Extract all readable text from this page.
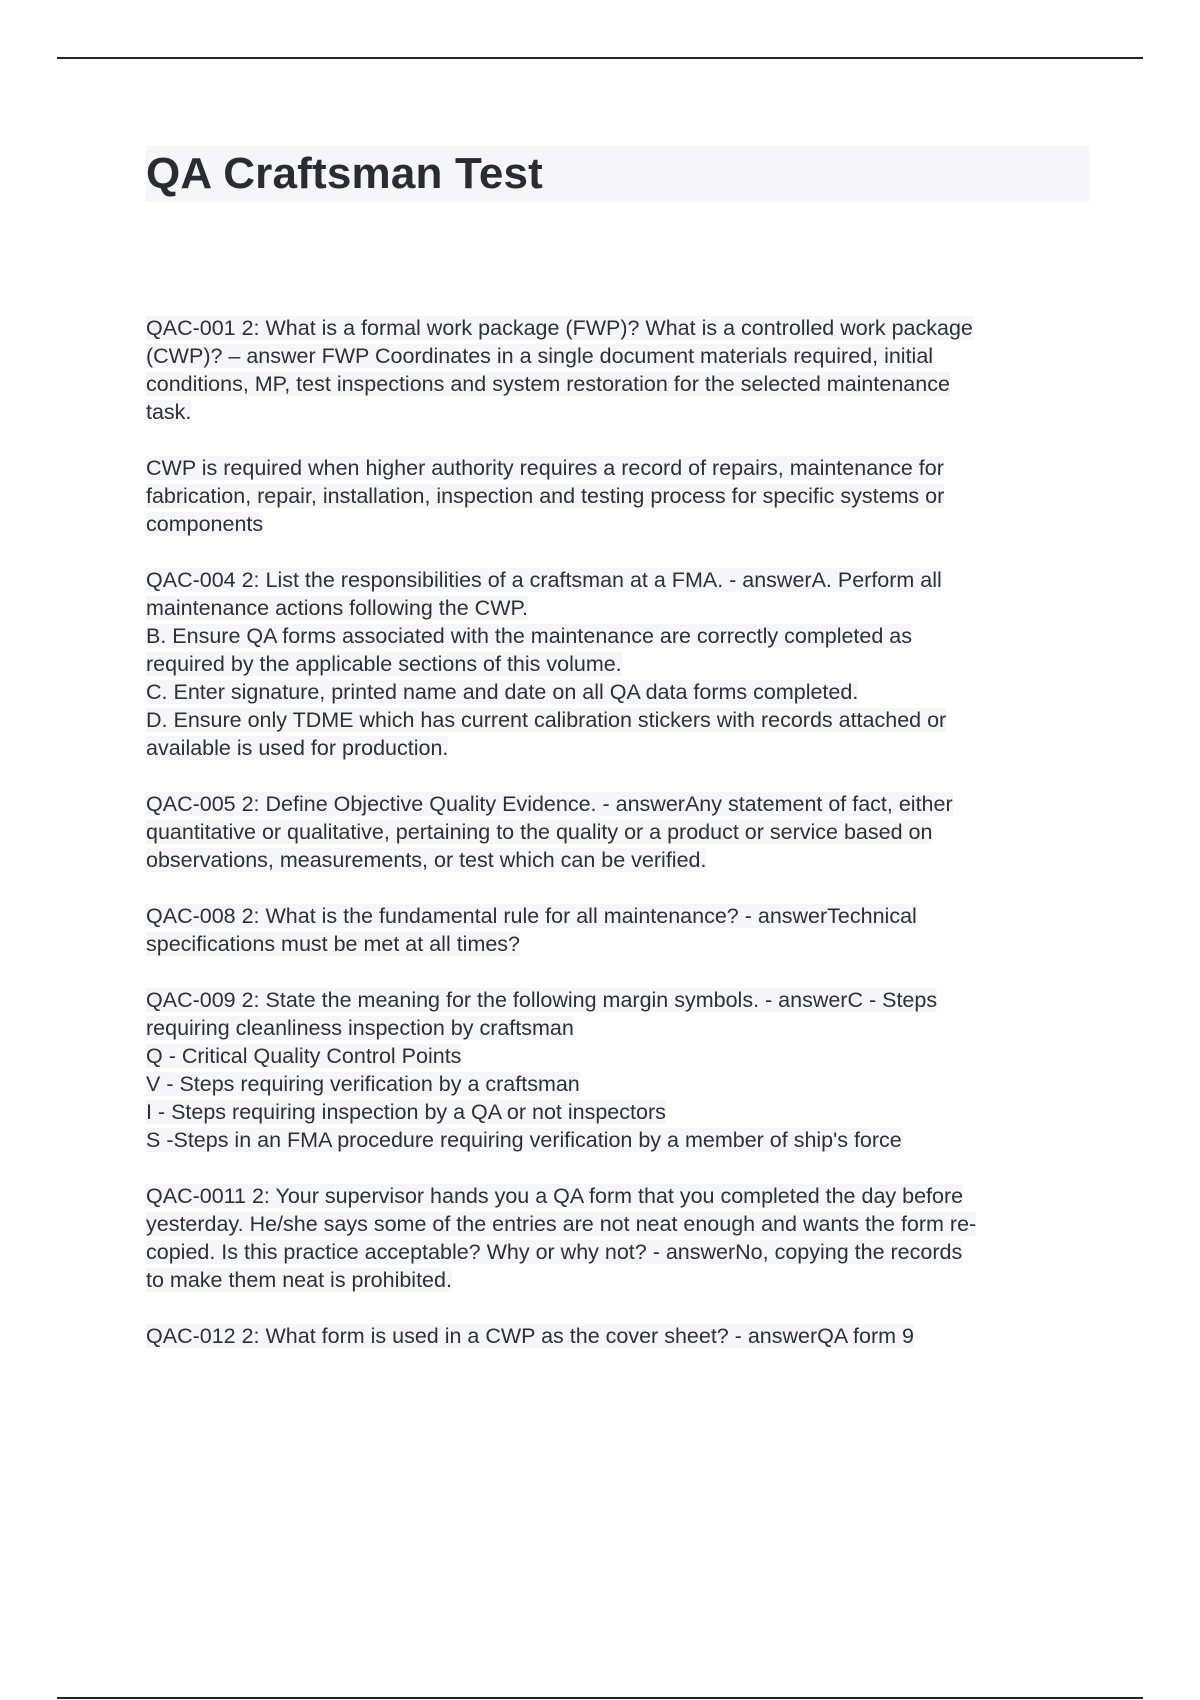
QA Craftsman Test
QAC-001 2: What is a formal work package (FWP)? What is a controlled work package
(CWP)? – answer FWP Coordinates in a single document materials required, initial
conditions, MP, test inspections and system restoration for the selected maintenance
task.
CWP is required when higher authority requires a record of repairs, maintenance for
fabrication, repair, installation, inspection and testing process for specific systems or
components
QAC-004 2: List the responsibilities of a craftsman at a FMA. - answerA. Perform all
maintenance actions following the CWP.
B. Ensure QA forms associated with the maintenance are correctly completed as
required by the applicable sections of this volume.
C. Enter signature, printed name and date on all QA data forms completed.
D. Ensure only TDME which has current calibration stickers with records attached or
available is used for production.
QAC-005 2: Define Objective Quality Evidence. - answerAny statement of fact, either
quantitative or qualitative, pertaining to the quality or a product or service based on
observations, measurements, or test which can be verified.
QAC-008 2: What is the fundamental rule for all maintenance? - answerTechnical
specifications must be met at all times?
QAC-009 2: State the meaning for the following margin symbols. - answerC - Steps
requiring cleanliness inspection by craftsman
Q - Critical Quality Control Points
V - Steps requiring verification by a craftsman
I - Steps requiring inspection by a QA or not inspectors
S -Steps in an FMA procedure requiring verification by a member of ship's force
QAC-0011 2: Your supervisor hands you a QA form that you completed the day before
yesterday. He/she says some of the entries are not neat enough and wants the form re-
copied. Is this practice acceptable? Why or why not? - answerNo, copying the records
to make them neat is prohibited.
QAC-012 2: What form is used in a CWP as the cover sheet? - answerQA form 9
